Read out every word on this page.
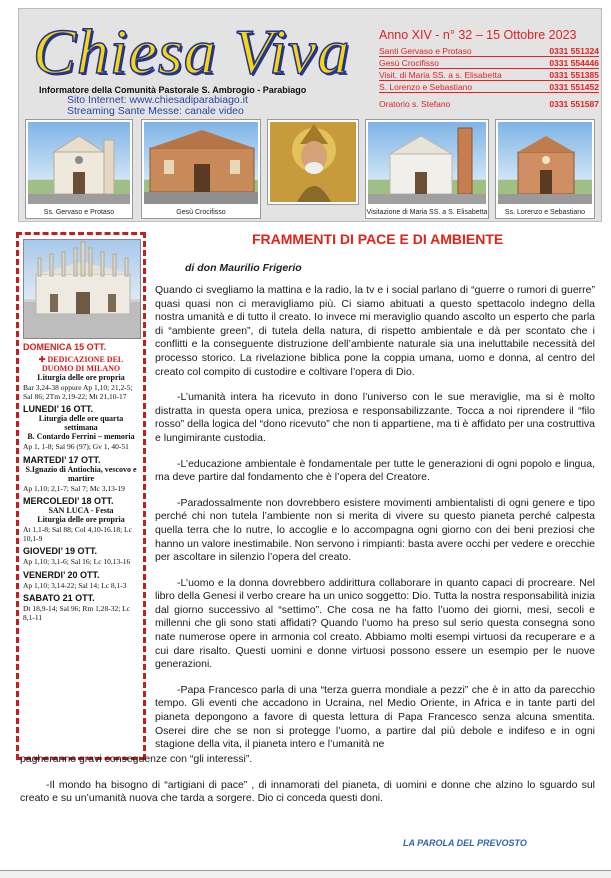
Chiesa Viva
Informatore della Comunità Pastorale S. Ambrogio - Parabiago
Sito Internet: www.chiesadiparabiago.it
Streaming Sante Messe: canale video
Anno XIV - n° 32 – 15 Ottobre 2023
Santi Gervaso e Protaso	0331 551324
Gesù Crocifisso	0331 554446
Visit. di Maria SS. a s. Elisabetta	0331 551385
S. Lorenzo e Sebastiano	0331 551452
Oratorio s. Stefano	0331 551587
Ss. Gervaso e Protaso	Gesù Crocifisso	Visitazione di Maria SS. a S. Elisabetta	Ss. Lorenzo e Sebastiano
DOMENICA 15 OTT.
✚ DEDICAZIONE DEL DUOMO DI MILANO
Liturgia delle ore propria
Bar 3,24-38 oppure Ap 1,10; 21,2-5; Sal 86; 2Tm 2,19-22; Mt 21,10-17
LUNEDI’ 16 OTT.
Liturgia delle ore quarta settimana
B. Contardo Ferrini – memoria
Ap 1, 1-8; Sal 96 (97); Gv 1, 40-51
MARTEDI’ 17 OTT.
S.Ignazio di Antiochia, vescovo e martire
Ap 1,10; 2,1-7; Sal 7; Mc 3,13-19
MERCOLEDI’ 18 OTT.
SAN LUCA - Festa
Liturgia delle ore propria
At 1,1-8; Sal 88; Col 4,10-16.18; Lc 10,1-9
GIOVEDI’ 19 OTT.
Ap 1,10; 3,1-6; Sal 16; Lc 10,13-16
VENERDI’ 20 OTT.
Ap 1,10; 3,14-22; Sal 14; Lc 8,1-3
SABATO 21 OTT.
Dt 18,9-14; Sal 96; Rm 1,28-32; Lc 8,1-11
FRAMMENTI DI PACE E DI AMBIENTE
di don Maurilio Frigerio

Quando ci svegliamo la mattina e la radio, la tv e i social parlano di “guerre o rumori di guerre” quasi quasi non ci meravigliamo più. Ci siamo abituati a questo spettacolo indegno della nostra umanità e di tutto il creato. Io invece mi meraviglio quando ascolto un esperto che parla di “ambiente green”, di tutela della natura, di rispetto ambientale e dà per scontato che i conflitti e la conseguente distruzione dell’ambiente naturale sia una ineluttabile necessità del processo storico. La rivelazione biblica pone la coppia umana, uomo e donna, al centro del creato col compito di custodire e coltivare l’opera di Dio.

-L’umanità intera ha ricevuto in dono l’universo con le sue meraviglie, ma si è molto distratta in questa opera unica, preziosa e responsabilizzante. Tocca a noi riprendere il “filo rosso” della logica del “dono ricevuto” che non ti appartiene, ma ti è affidato per una costruttiva e lungimirante custodia.

-L’educazione ambientale è fondamentale per tutte le generazioni di ogni popolo e lingua, ma deve partire dal fondamento che è l’opera del Creatore.

-Paradossalmente non dovrebbero esistere movimenti ambientalisti di ogni genere e tipo perché chi non tutela l’ambiente non si merita di vivere su questo pianeta perché calpesta quella terra che lo nutre, lo accoglie e lo accompagna ogni giorno con dei beni preziosi che hanno un valore inestimabile. Non servono i rimpianti: basta avere occhi per vedere e orecchie per ascoltare in silenzio l’opera del creato.

-L’uomo e la donna dovrebbero addirittura collaborare in quanto capaci di procreare. Nel libro della Genesi il verbo creare ha un unico soggetto: Dio. Tutta la nostra responsabilità inizia dal giorno successivo al “settimo”. Che cosa ne ha fatto l’uomo dei giorni, mesi, secoli e millenni che gli sono stati affidati? Quando l’uomo ha preso sul serio questa consegna sono nate numerose opere in armonia col creato. Abbiamo molti esempi virtuosi da recuperare e a cui dare risalto. Questi uomini e donne virtuosi possono essere un esempio per le nuove generazioni.

-Papa Francesco parla di una “terza guerra mondiale a pezzi” che è in atto da parecchio tempo. Gli eventi che accadono in Ucraina, nel Medio Oriente, in Africa e in tante parti del pianeta depongono a favore di questa lettura di Papa Francesco senza alcuna smentita. Oserei dire che se non si protegge l’uomo, a partire dal più debole e indifeso e in ogni stagione della vita, il pianeta intero e l’umanità ne

pagheranno gravi conseguenze con “gli interessi”.

-Il mondo ha bisogno di “artigiani di pace” , di innamorati del pianeta, di uomini e donne che alzino lo sguardo sul creato e su un’umanità nuova che tarda a sorgere. Dio ci conceda questi doni.

LA PAROLA DEL PREVOSTO
